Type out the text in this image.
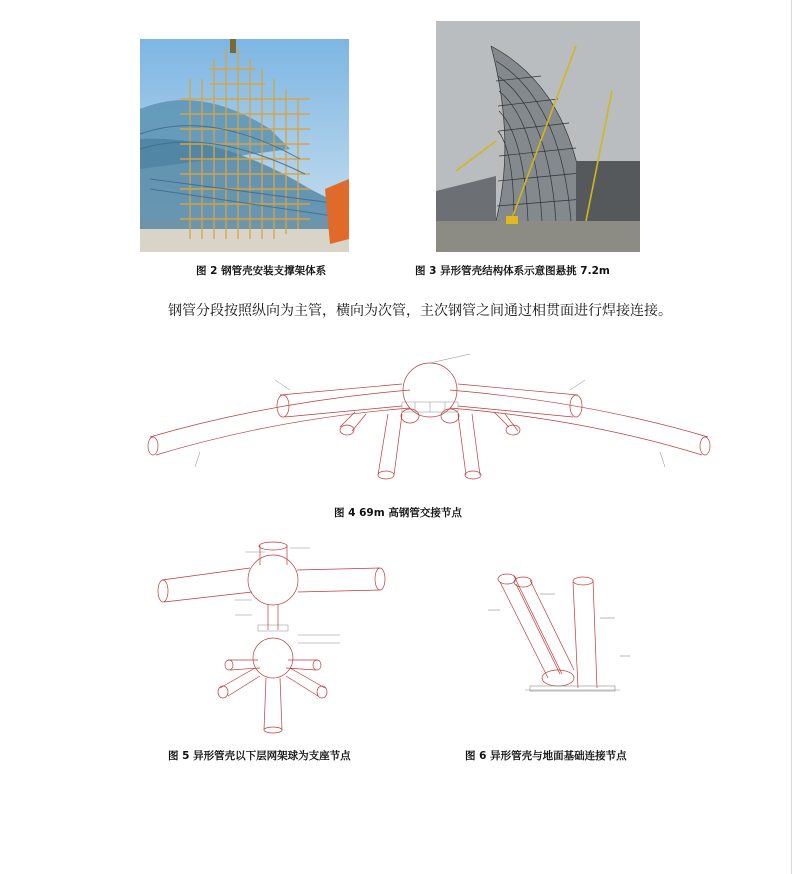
图 2 钢管壳安装支撑架体系	图 3 异形管壳结构体系示意图悬挑 7.2m
钢管分段按照纵向为主管，横向为次管，主次钢管之间通过相贯面进行焊接连接。
图 4 69m 高钢管交接节点
图 5 异形管壳以下层网架球为支座节点	图 6 异形管壳与地面基础连接节点
